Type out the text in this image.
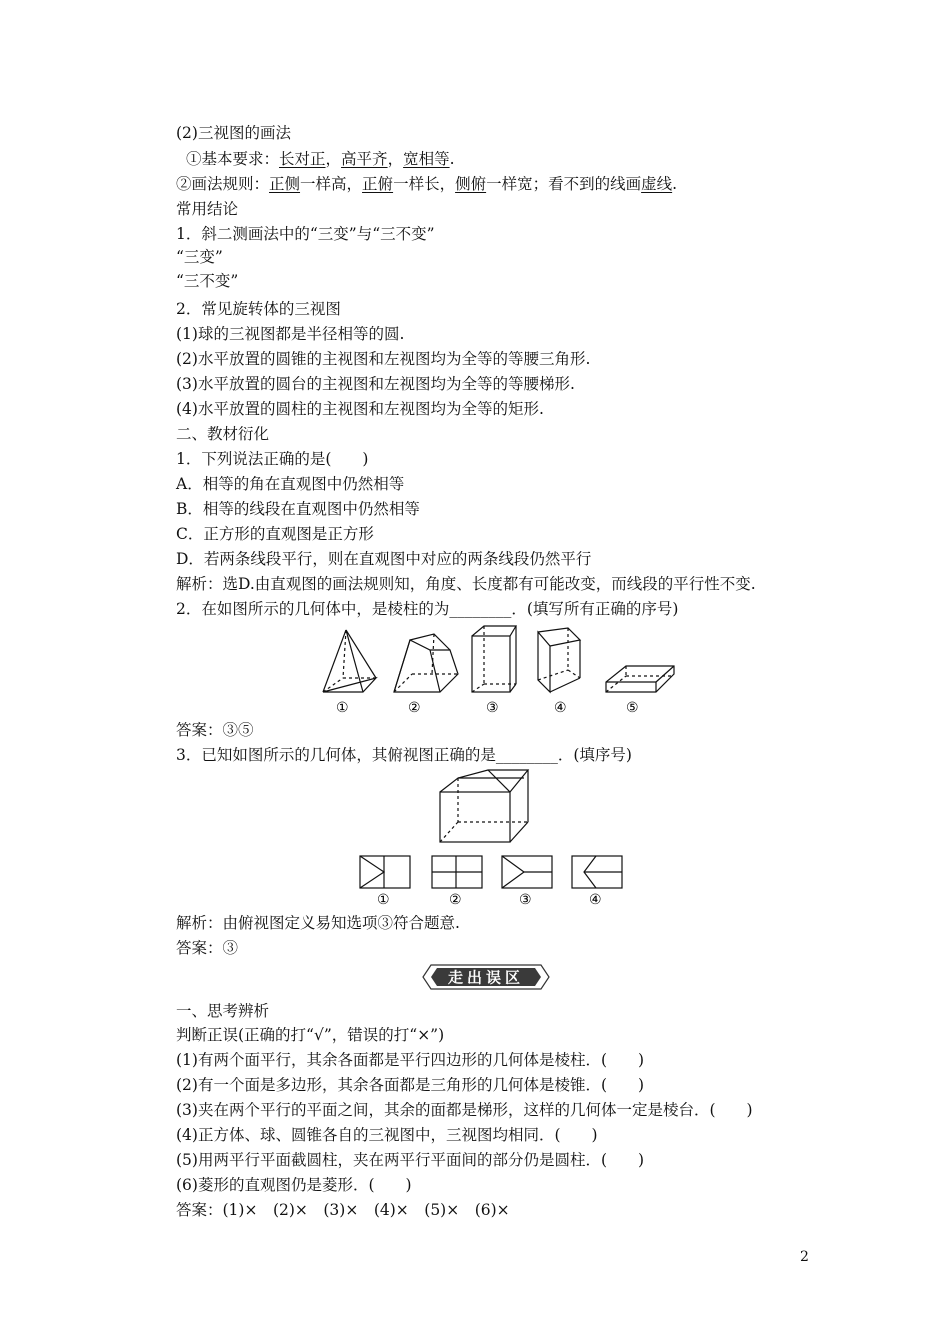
(2)三视图的画法
①基本要求：长对正，高平齐，宽相等.
②画法规则：正侧一样高，正俯一样长，侧俯一样宽；看不到的线画虚线.
常用结论
1．斜二测画法中的“三变”与“三不变”
“三变”
“三不变”
2．常见旋转体的三视图
(1)球的三视图都是半径相等的圆.
(2)水平放置的圆锥的主视图和左视图均为全等的等腰三角形.
(3)水平放置的圆台的主视图和左视图均为全等的等腰梯形.
(4)水平放置的圆柱的主视图和左视图均为全等的矩形.
二、教材衍化
1．下列说法正确的是(　　)
A．相等的角在直观图中仍然相等
B．相等的线段在直观图中仍然相等
C．正方形的直观图是正方形
D．若两条线段平行，则在直观图中对应的两条线段仍然平行
解析：选D.由直观图的画法规则知，角度、长度都有可能改变，而线段的平行性不变.
2．在如图所示的几何体中，是棱柱的为________．(填写所有正确的序号)
①	②	③	④	⑤
答案：③⑤
3．已知如图所示的几何体，其俯视图正确的是________．(填序号)
①	②	③	④
解析：由俯视图定义易知选项③符合题意.
答案：③
走出误区
一、思考辨析
判断正误(正确的打“√”，错误的打“×”)
(1)有两个面平行，其余各面都是平行四边形的几何体是棱柱．(　　)
(2)有一个面是多边形，其余各面都是三角形的几何体是棱锥．(　　)
(3)夹在两个平行的平面之间，其余的面都是梯形，这样的几何体一定是棱台．(　　)
(4)正方体、球、圆锥各自的三视图中，三视图均相同．(　　)
(5)用两平行平面截圆柱，夹在两平行平面间的部分仍是圆柱．(　　)
(6)菱形的直观图仍是菱形．(　　)
答案：(1)×　(2)×　(3)×　(4)×　(5)×　(6)×
2
